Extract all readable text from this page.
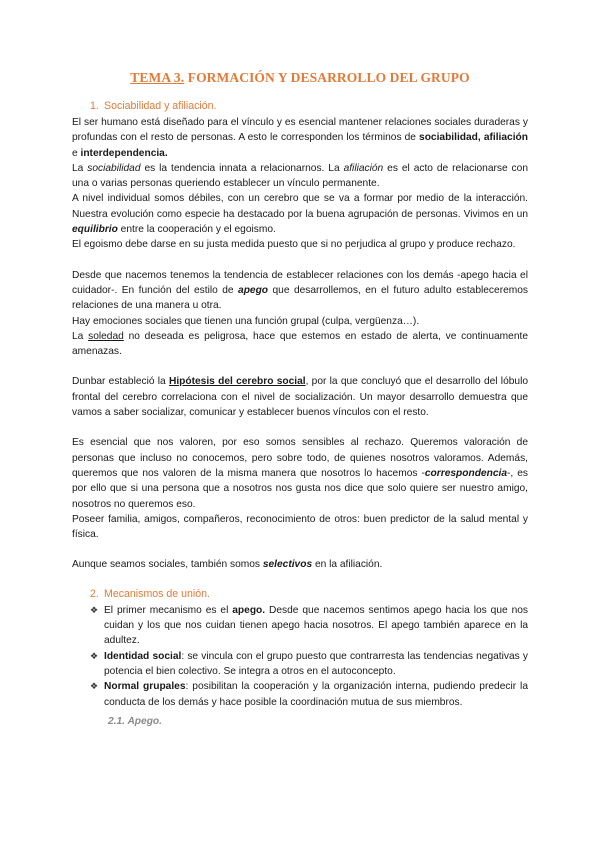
TEMA 3. FORMACIÓN Y DESARROLLO DEL GRUPO
1. Sociabilidad y afiliación.

El ser humano está diseñado para el vínculo y es esencial mantener relaciones sociales duraderas y profundas con el resto de personas. A esto le corresponden los términos de sociabilidad, afiliación e interdependencia.

La sociabilidad es la tendencia innata a relacionarnos. La afiliación es el acto de relacionarse con una o varias personas queriendo establecer un vínculo permanente.

A nivel individual somos débiles, con un cerebro que se va a formar por medio de la interacción. Nuestra evolución como especie ha destacado por la buena agrupación de personas. Vivimos en un equilibrio entre la cooperación y el egoismo.

El egoismo debe darse en su justa medida puesto que si no perjudica al grupo y produce rechazo.

Desde que nacemos tenemos la tendencia de establecer relaciones con los demás -apego hacia el cuidador-. En función del estilo de apego que desarrollemos, en el futuro adulto estableceremos relaciones de una manera u otra.

Hay emociones sociales que tienen una función grupal (culpa, vergüenza…).

La soledad no deseada es peligrosa, hace que estemos en estado de alerta, ve continuamente amenazas.

Dunbar estableció la Hipótesis del cerebro social, por la que concluyó que el desarrollo del lóbulo frontal del cerebro correlaciona con el nivel de socialización. Un mayor desarrollo demuestra que vamos a saber socializar, comunicar y establecer buenos vínculos con el resto.

Es esencial que nos valoren, por eso somos sensibles al rechazo. Queremos valoración de personas que incluso no conocemos, pero sobre todo, de quienes nosotros valoramos. Además, queremos que nos valoren de la misma manera que nosotros lo hacemos -correspondencia-, es por ello que si una persona que a nosotros nos gusta nos dice que solo quiere ser nuestro amigo, nosotros no queremos eso.

Poseer familia, amigos, compañeros, reconocimiento de otros: buen predictor de la salud mental y física.

Aunque seamos sociales, también somos selectivos en la afiliación.

2. Mecanismos de unión.
❖ El primer mecanismo es el apego. Desde que nacemos sentimos apego hacia los que nos cuidan y los que nos cuidan tienen apego hacia nosotros. El apego también aparece en la adultez.
❖ Identidad social: se vincula con el grupo puesto que contrarresta las tendencias negativas y potencia el bien colectivo. Se integra a otros en el autoconcepto.
❖ Normal grupales: posibilitan la cooperación y la organización interna, pudiendo predecir la conducta de los demás y hace posible la coordinación mutua de sus miembros.
2.1. Apego.
